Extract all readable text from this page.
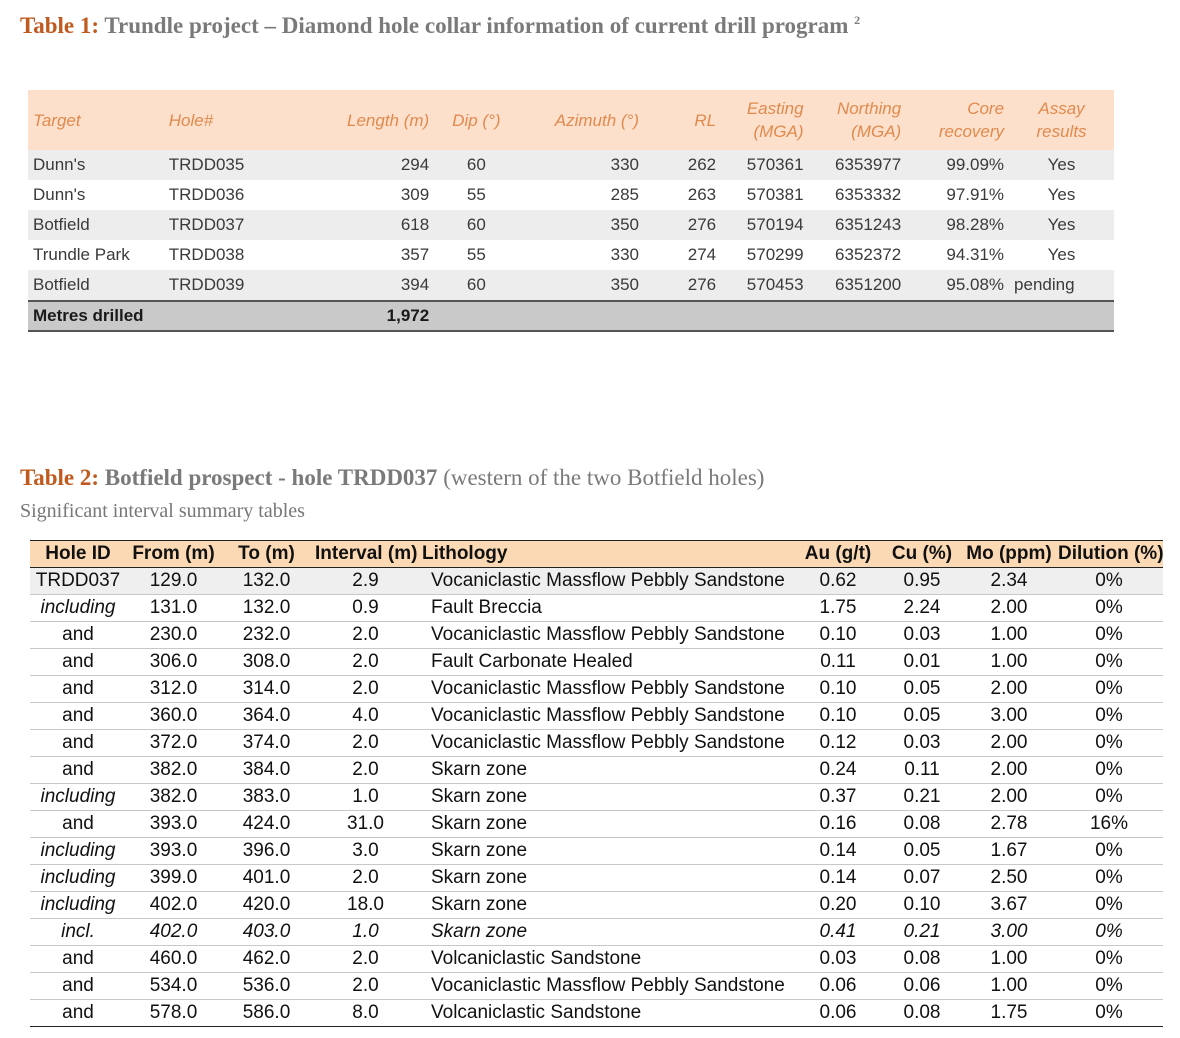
Table 1: Trundle project – Diamond hole collar information of current drill program $^2$
Target	Hole#	Length (m)	Dip (°)	Azimuth (°)	RL	Easting (MGA)	Northing (MGA)	Core recovery	Assay results
Dunn's	TRDD035	294	60	330	262	570361	6353977	99.09%	Yes
Dunn's	TRDD036	309	55	285	263	570381	6353332	97.91%	Yes
Botfield	TRDD037	618	60	350	276	570194	6351243	98.28%	Yes
Trundle Park	TRDD038	357	55	330	274	570299	6352372	94.31%	Yes
Botfield	TRDD039	394	60	350	276	570453	6351200	95.08%	pending
Metres drilled		1,972							
Table 2: Botfield prospect - hole TRDD037 (western of the two Botfield holes)
Significant interval summary tables
Hole ID	From (m)	To (m)	Interval (m)	Lithology	Au (g/t)	Cu (%)	Mo (ppm)	Dilution (%)
TRDD037	129.0	132.0	2.9	Vocaniclastic Massflow Pebbly Sandstone	0.62	0.95	2.34	0%
including	131.0	132.0	0.9	Fault Breccia	1.75	2.24	2.00	0%
and	230.0	232.0	2.0	Vocaniclastic Massflow Pebbly Sandstone	0.10	0.03	1.00	0%
and	306.0	308.0	2.0	Fault Carbonate Healed	0.11	0.01	1.00	0%
and	312.0	314.0	2.0	Vocaniclastic Massflow Pebbly Sandstone	0.10	0.05	2.00	0%
and	360.0	364.0	4.0	Vocaniclastic Massflow Pebbly Sandstone	0.10	0.05	3.00	0%
and	372.0	374.0	2.0	Vocaniclastic Massflow Pebbly Sandstone	0.12	0.03	2.00	0%
and	382.0	384.0	2.0	Skarn zone	0.24	0.11	2.00	0%
including	382.0	383.0	1.0	Skarn zone	0.37	0.21	2.00	0%
and	393.0	424.0	31.0	Skarn zone	0.16	0.08	2.78	16%
including	393.0	396.0	3.0	Skarn zone	0.14	0.05	1.67	0%
including	399.0	401.0	2.0	Skarn zone	0.14	0.07	2.50	0%
including	402.0	420.0	18.0	Skarn zone	0.20	0.10	3.67	0%
incl.	402.0	403.0	1.0	Skarn zone	0.41	0.21	3.00	0%
and	460.0	462.0	2.0	Volcaniclastic Sandstone	0.03	0.08	1.00	0%
and	534.0	536.0	2.0	Vocaniclastic Massflow Pebbly Sandstone	0.06	0.06	1.00	0%
and	578.0	586.0	8.0	Volcaniclastic Sandstone	0.06	0.08	1.75	0%
